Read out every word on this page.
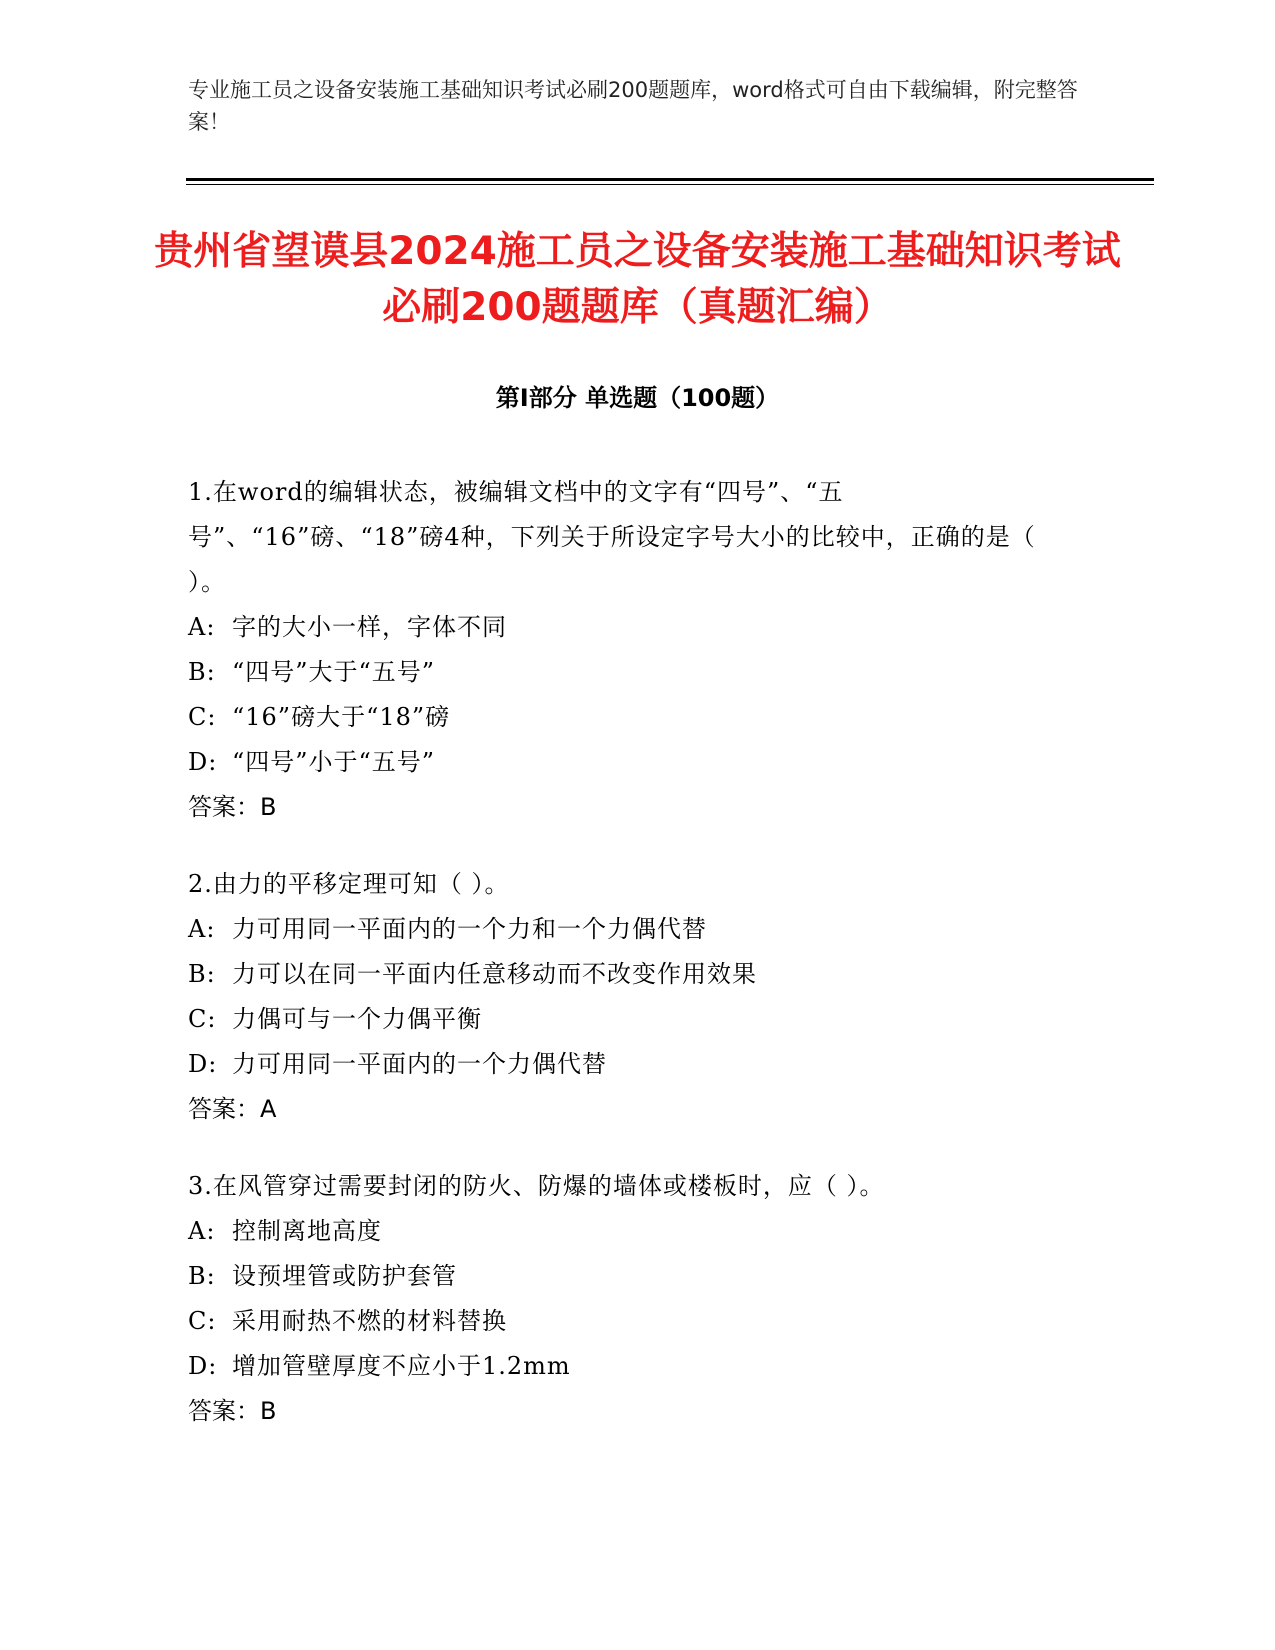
专业施工员之设备安装施工基础知识考试必刷200题题库，word格式可自由下载编辑，附完整答案！
贵州省望谟县2024施工员之设备安装施工基础知识考试必刷200题题库（真题汇编）
第Ⅰ部分 单选题（100题）

1.在word的编辑状态，被编辑文档中的文字有“四号”、“五号”、“16”磅、“18”磅4种，下列关于所设定字号大小的比较中，正确的是（ ）。

A: 字的大小一样，字体不同

B: “四号”大于“五号”

C: “16”磅大于“18”磅

D: “四号”小于“五号”

答案：B

2.由力的平移定理可知（ ）。

A: 力可用同一平面内的一个力和一个力偶代替

B: 力可以在同一平面内任意移动而不改变作用效果

C: 力偶可与一个力偶平衡

D: 力可用同一平面内的一个力偶代替

答案：A

3.在风管穿过需要封闭的防火、防爆的墙体或楼板时，应（ ）。

A: 控制离地高度

B: 设预埋管或防护套管

C: 采用耐热不燃的材料替换

D: 增加管壁厚度不应小于1.2mm

答案：B
